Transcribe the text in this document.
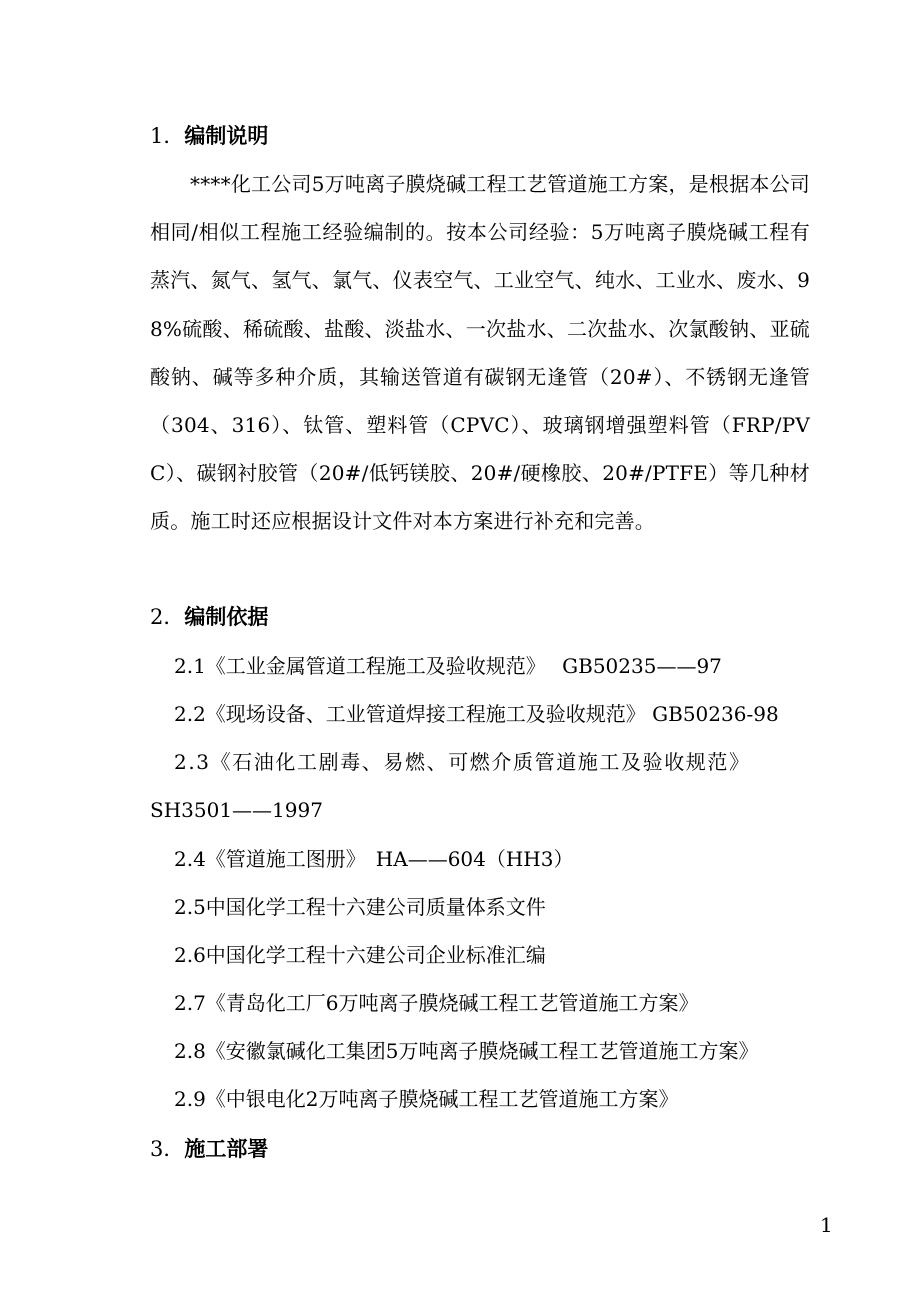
1．编制说明
****化工公司5万吨离子膜烧碱工程工艺管道施工方案，是根据本公司相同/相似工程施工经验编制的。按本公司经验：5万吨离子膜烧碱工程有蒸汽、氮气、氢气、氯气、仪表空气、工业空气、纯水、工业水、废水、98%硫酸、稀硫酸、盐酸、淡盐水、一次盐水、二次盐水、次氯酸钠、亚硫酸钠、碱等多种介质，其输送管道有碳钢无逢管（20#）、不锈钢无逢管（304、316）、钛管、塑料管（CPVC）、玻璃钢增强塑料管（FRP/PVC）、碳钢衬胶管（20#/低钙镁胶、20#/硬橡胶、20#/PTFE）等几种材质。施工时还应根据设计文件对本方案进行补充和完善。
2．编制依据
2.1《工业金属管道工程施工及验收规范》　 GB50235——97
2.2《现场设备、工业管道焊接工程施工及验收规范》 GB50236-98
2.3《石油化工剧毒、易燃、可燃介质管道施工及验收规范》
SH3501——1997
2.4《管道施工图册》　HA——604（HH3）
2.5中国化学工程十六建公司质量体系文件
2.6中国化学工程十六建公司企业标准汇编
2.7《青岛化工厂6万吨离子膜烧碱工程工艺管道施工方案》
2.8《安徽氯碱化工集团5万吨离子膜烧碱工程工艺管道施工方案》
2.9《中银电化2万吨离子膜烧碱工程工艺管道施工方案》
3．施工部署
1
